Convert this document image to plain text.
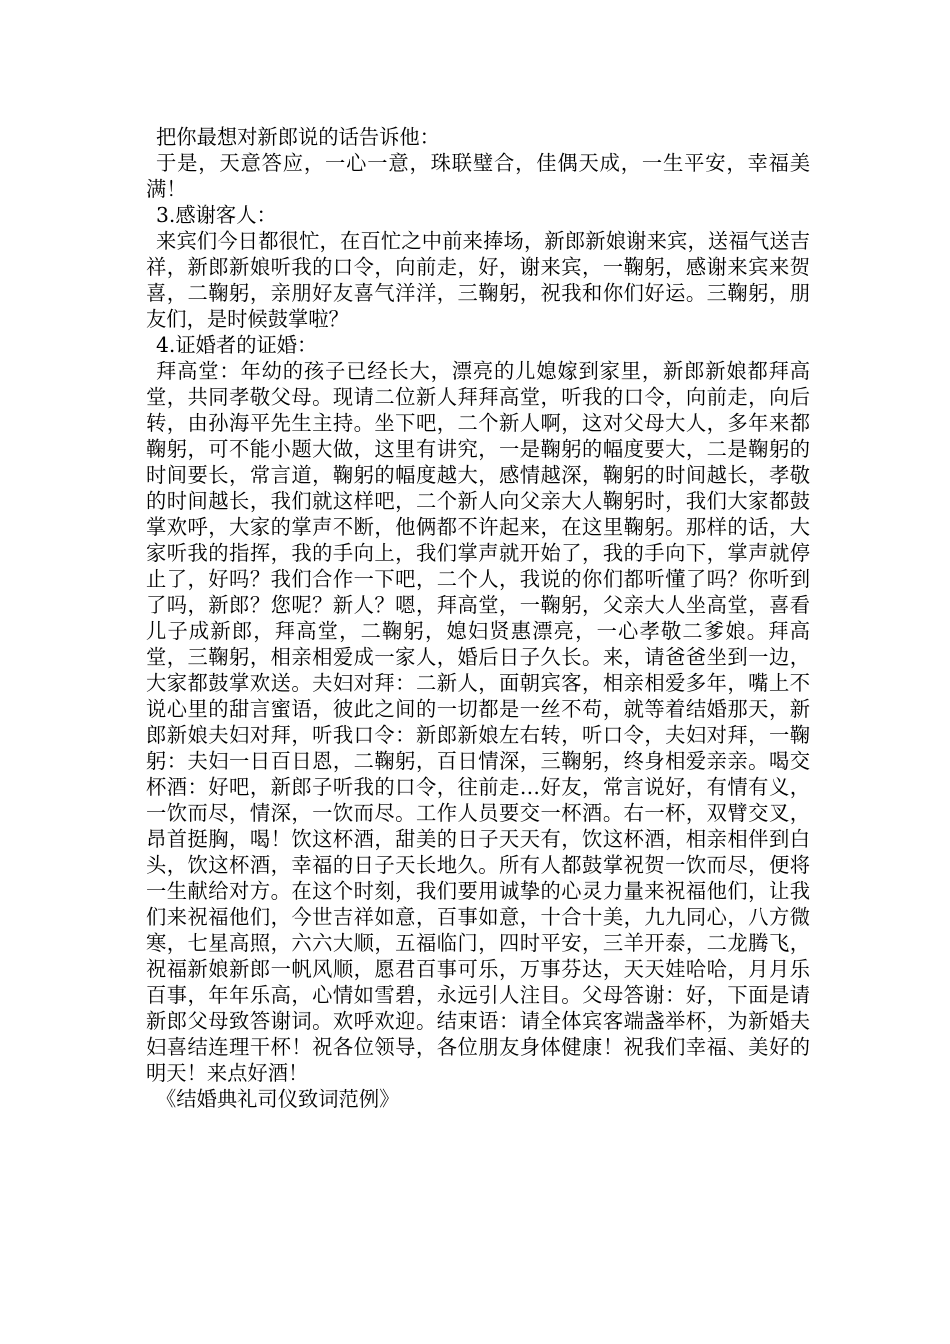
把你最想对新郎说的话告诉他：

于是，天意答应，一心一意，珠联璧合，佳偶天成，一生平安，幸福美满！

3.感谢客人：

来宾们今日都很忙，在百忙之中前来捧场，新郎新娘谢来宾，送福气送吉祥，新郎新娘听我的口令，向前走，好，谢来宾，一鞠躬，感谢来宾来贺喜，二鞠躬，亲朋好友喜气洋洋，三鞠躬，祝我和你们好运。三鞠躬，朋友们，是时候鼓掌啦？

4.证婚者的证婚：

拜高堂：年幼的孩子已经长大，漂亮的儿媳嫁到家里，新郎新娘都拜高堂，共同孝敬父母。现请二位新人拜拜高堂，听我的口令，向前走，向后转，由孙海平先生主持。坐下吧，二个新人啊，这对父母大人，多年来都鞠躬，可不能小题大做，这里有讲究，一是鞠躬的幅度要大，二是鞠躬的时间要长，常言道，鞠躬的幅度越大，感情越深，鞠躬的时间越长，孝敬的时间越长，我们就这样吧，二个新人向父亲大人鞠躬时，我们大家都鼓掌欢呼，大家的掌声不断，他俩都不许起来，在这里鞠躬。那样的话，大家听我的指挥，我的手向上，我们掌声就开始了，我的手向下，掌声就停止了，好吗？我们合作一下吧，二个人，我说的你们都听懂了吗？你听到了吗，新郎？您呢？新人？嗯，拜高堂，一鞠躬，父亲大人坐高堂，喜看儿子成新郎，拜高堂，二鞠躬，媳妇贤惠漂亮，一心孝敬二爹娘。拜高堂，三鞠躬，相亲相爱成一家人，婚后日子久长。来，请爸爸坐到一边，大家都鼓掌欢送。夫妇对拜：二新人，面朝宾客，相亲相爱多年，嘴上不说心里的甜言蜜语，彼此之间的一切都是一丝不苟，就等着结婚那天，新郎新娘夫妇对拜，听我口令：新郎新娘左右转，听口令，夫妇对拜，一鞠躬：夫妇一日百日恩，二鞠躬，百日情深，三鞠躬，终身相爱亲亲。喝交杯酒：好吧，新郎子听我的口令，往前走…好友，常言说好，有情有义，一饮而尽，情深，一饮而尽。工作人员要交一杯酒。右一杯，双臂交叉，昂首挺胸，喝！饮这杯酒，甜美的日子天天有，饮这杯酒，相亲相伴到白头，饮这杯酒，幸福的日子天长地久。所有人都鼓掌祝贺一饮而尽，便将一生献给对方。在这个时刻，我们要用诚挚的心灵力量来祝福他们，让我们来祝福他们，今世吉祥如意，百事如意，十合十美，九九同心，八方微寒，七星高照，六六大顺，五福临门，四时平安，三羊开泰，二龙腾飞，祝福新娘新郎一帆风顺，愿君百事可乐，万事芬达，天天娃哈哈，月月乐百事，年年乐高，心情如雪碧，永远引人注目。父母答谢：好，下面是请新郎父母致答谢词。欢呼欢迎。结束语：请全体宾客端盏举杯，为新婚夫妇喜结连理干杯！祝各位领导，各位朋友身体健康！祝我们幸福、美好的明天！来点好酒！

《结婚典礼司仪致词范例》
